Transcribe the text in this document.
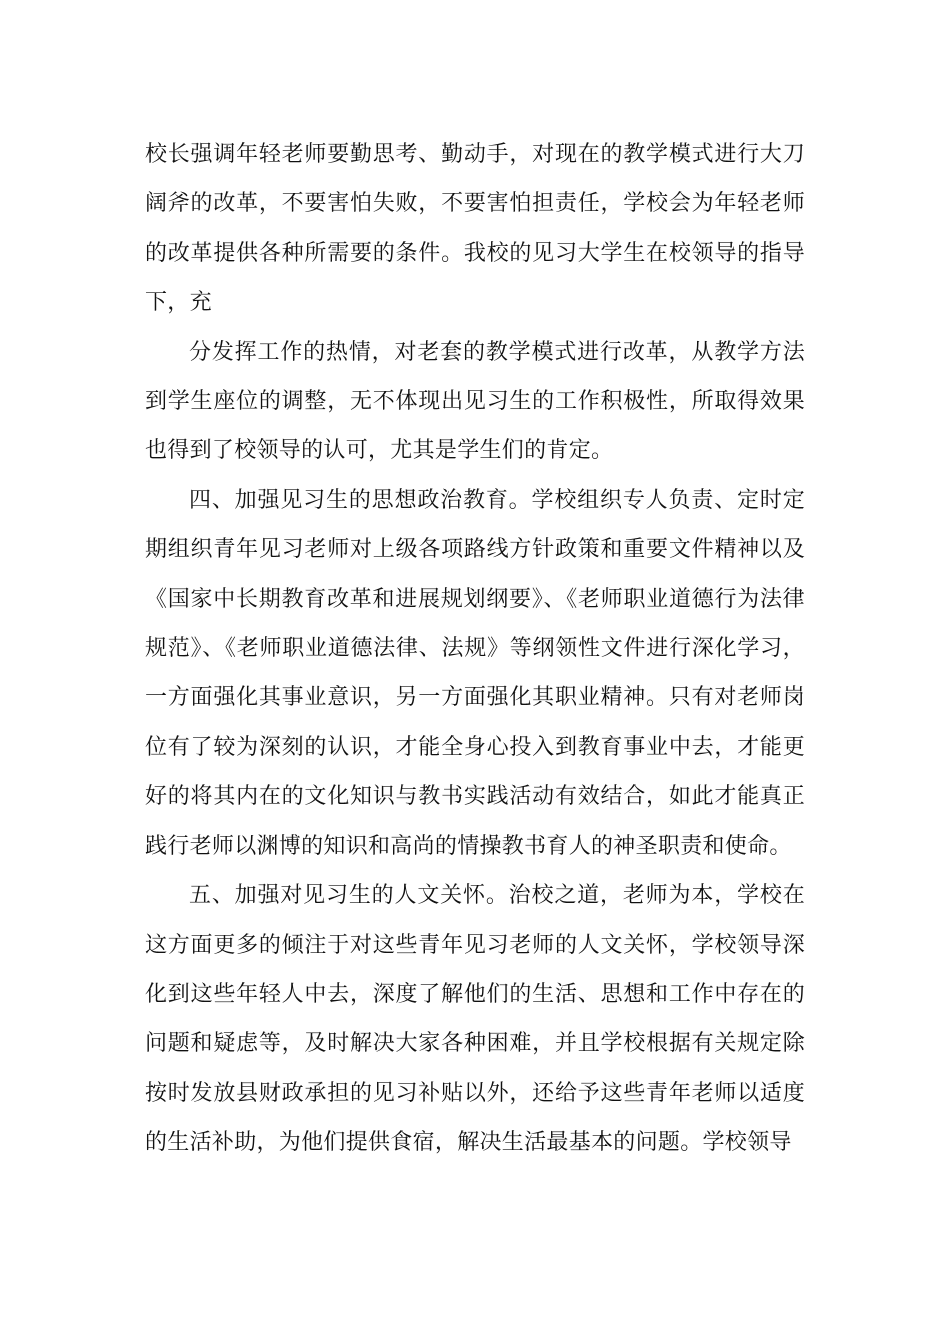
校长强调年轻老师要勤思考、勤动手，对现在的教学模式进行大刀阔斧的改革，不要害怕失败，不要害怕担责任，学校会为年轻老师的改革提供各种所需要的条件。我校的见习大学生在校领导的指导下，充

分发挥工作的热情，对老套的教学模式进行改革，从教学方法到学生座位的调整，无不体现出见习生的工作积极性，所取得效果也得到了校领导的认可，尤其是学生们的肯定。

四、加强见习生的思想政治教育。学校组织专人负责、定时定期组织青年见习老师对上级各项路线方针政策和重要文件精神以及《国家中长期教育改革和进展规划纲要》、《老师职业道德行为法律规范》、《老师职业道德法律、法规》等纲领性文件进行深化学习，一方面强化其事业意识，另一方面强化其职业精神。只有对老师岗位有了较为深刻的认识，才能全身心投入到教育事业中去，才能更好的将其内在的文化知识与教书实践活动有效结合，如此才能真正践行老师以渊博的知识和高尚的情操教书育人的神圣职责和使命。

五、加强对见习生的人文关怀。治校之道，老师为本，学校在这方面更多的倾注于对这些青年见习老师的人文关怀，学校领导深化到这些年轻人中去，深度了解他们的生活、思想和工作中存在的问题和疑虑等，及时解决大家各种困难，并且学校根据有关规定除按时发放县财政承担的见习补贴以外，还给予这些青年老师以适度的生活补助，为他们提供食宿，解决生活最基本的问题。学校领导
